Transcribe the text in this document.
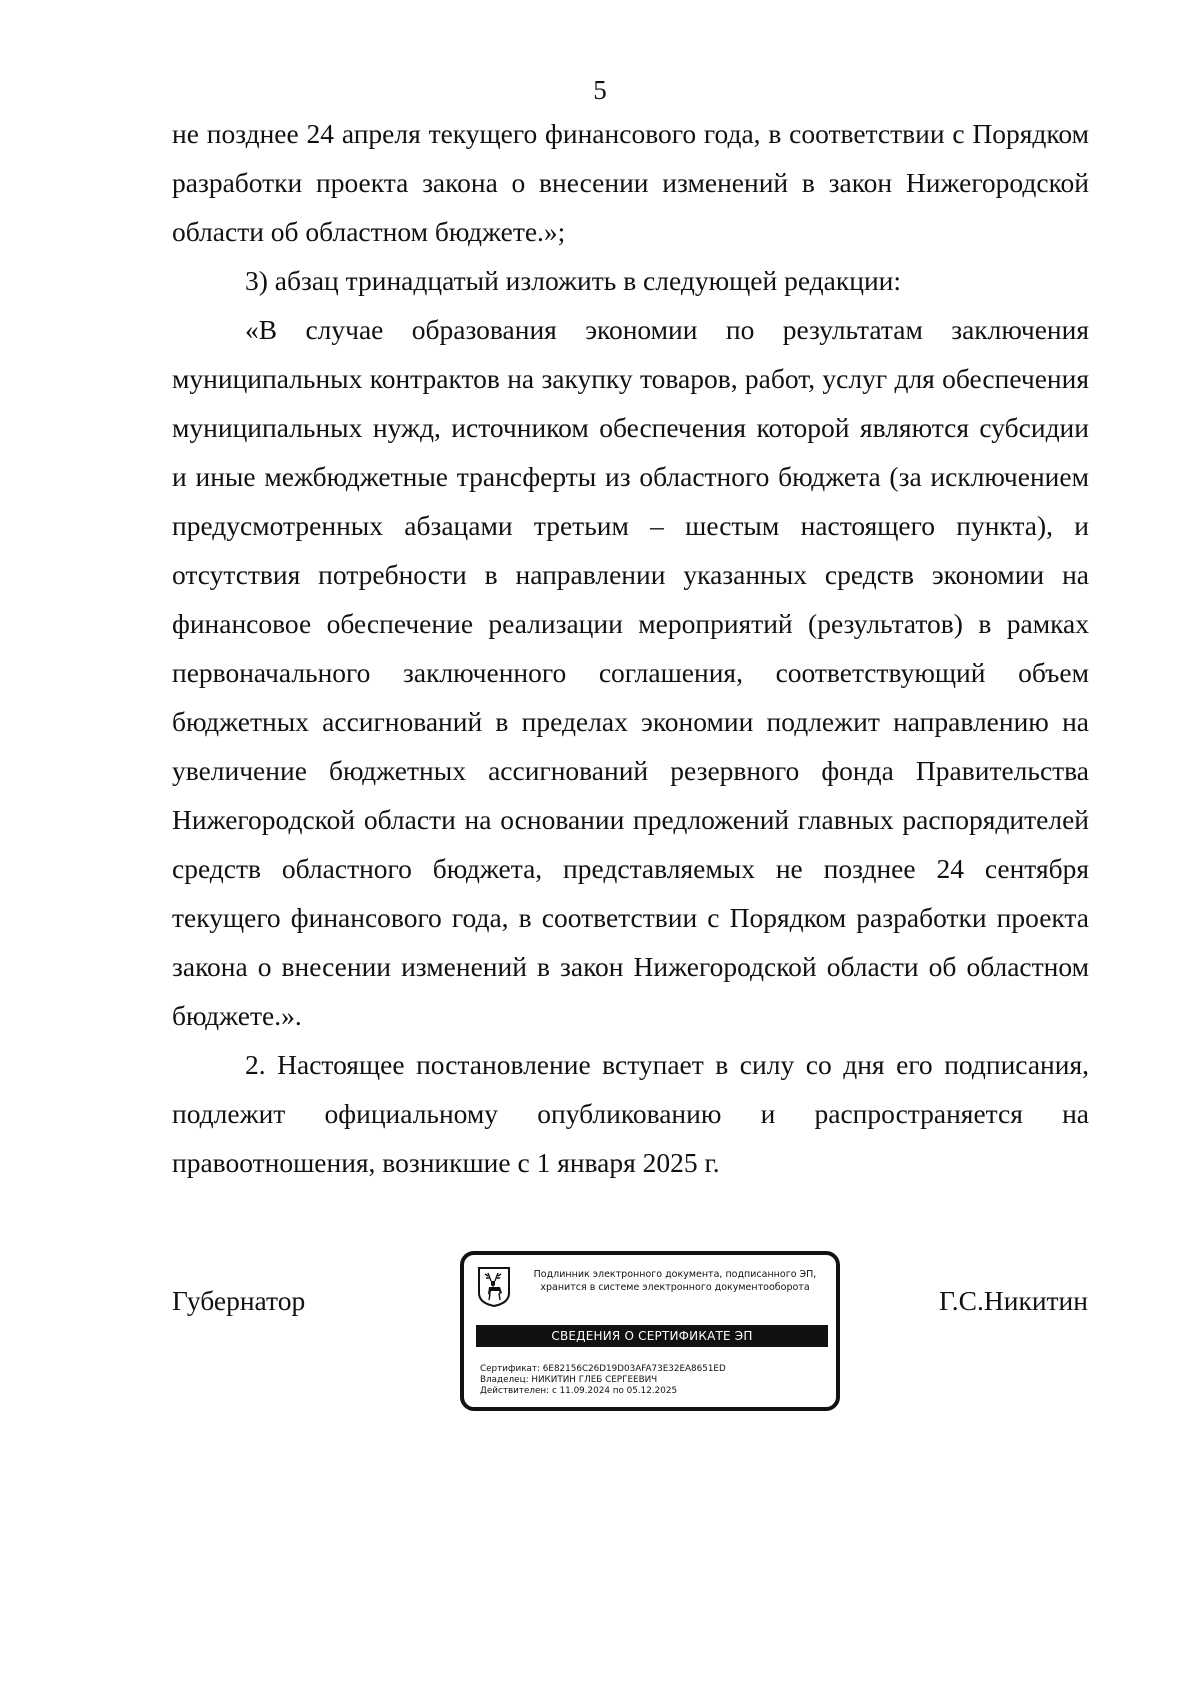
5

не позднее 24 апреля текущего финансового года, в соответствии с Порядком разработки проекта закона о внесении изменений в закон Нижегородской области об областном бюджете.»;

3) абзац тринадцатый изложить в следующей редакции:

«В случае образования экономии по результатам заключения муниципальных контрактов на закупку товаров, работ, услуг для обеспечения муниципальных нужд, источником обеспечения которой являются субсидии и иные межбюджетные трансферты из областного бюджета (за исключением предусмотренных абзацами третьим – шестым настоящего пункта), и отсутствия потребности в направлении указанных средств экономии на финансовое обеспечение реализации мероприятий (результатов) в рамках первоначального заключенного соглашения, соответствующий объем бюджетных ассигнований в пределах экономии подлежит направлению на увеличение бюджетных ассигнований резервного фонда Правительства Нижегородской области на основании предложений главных распорядителей средств областного бюджета, представляемых не позднее 24 сентября текущего финансового года, в соответствии с Порядком разработки проекта закона о внесении изменений в закон Нижегородской области об областном бюджете.».

2. Настоящее постановление вступает в силу со дня его подписания, подлежит официальному опубликованию и распространяется на правоотношения, возникшие с 1 января 2025 г.

Губернатор
Подлинник электронного документа, подписанного ЭП,
хранится в системе электронного документооборота
СВЕДЕНИЯ О СЕРТИФИКАТЕ ЭП
Сертификат: 6E82156C26D19D03AFA73E32EA8651ED
Владелец: НИКИТИН ГЛЕБ СЕРГЕЕВИЧ
Действителен: с 11.09.2024 по 05.12.2025
Г.С.Никитин
